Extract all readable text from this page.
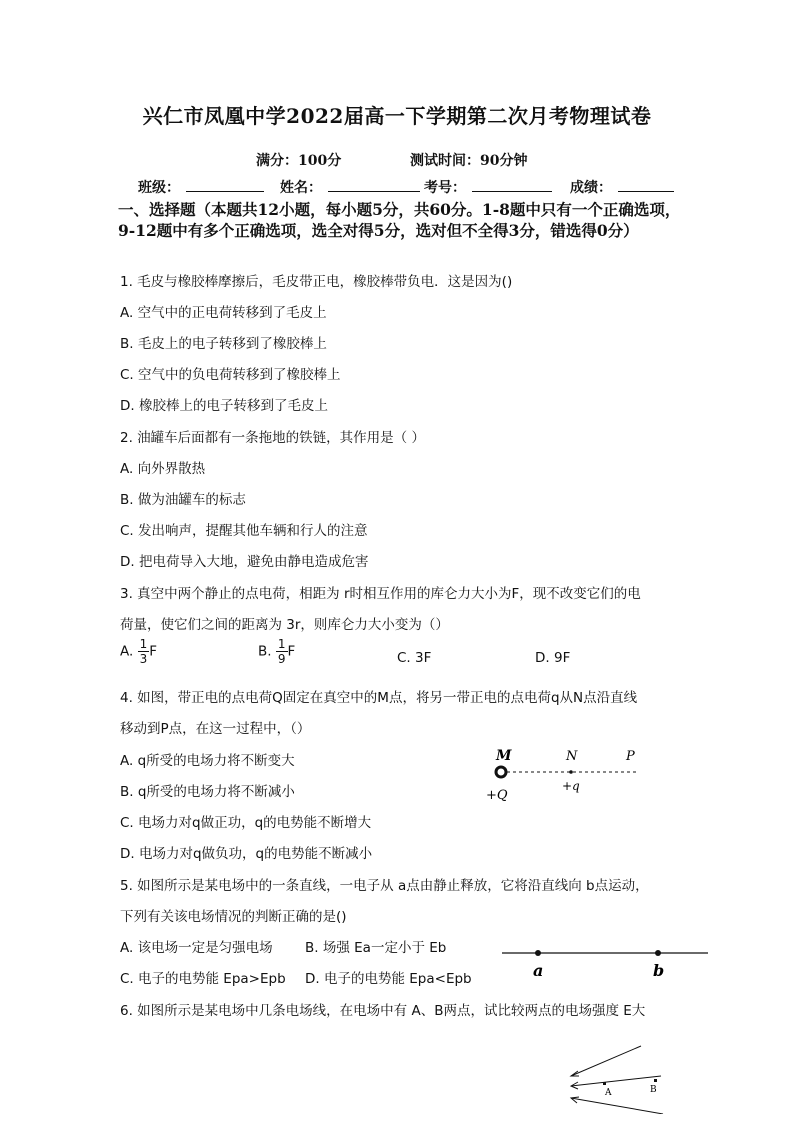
兴仁市凤凰中学2022届高一下学期第二次月考物理试卷
满分：100分	测试时间：90分钟
班级：	姓名：	考号：	成绩：
一、选择题（本题共12小题，每小题5分，共60分。1-8题中只有一个正确选项，9-12题中有多个正确选项，选全对得5分，选对但不全得3分，错选得0分）
1. 毛皮与橡胶棒摩擦后，毛皮带正电，橡胶棒带负电．这是因为()
A. 空气中的正电荷转移到了毛皮上
B. 毛皮上的电子转移到了橡胶棒上
C. 空气中的负电荷转移到了橡胶棒上
D. 橡胶棒上的电子转移到了毛皮上
2. 油罐车后面都有一条拖地的铁链，其作用是（ ）
A. 向外界散热
B. 做为油罐车的标志
C. 发出响声，提醒其他车辆和行人的注意
D. 把电荷导入大地，避免由静电造成危害
3. 真空中两个静止的点电荷，相距为 r时相互作用的库仑力大小为F，现不改变它们的电
荷量，使它们之间的距离为 3r，则库仑力大小变为（）
A. $\frac{1}{3}$ F	B. $\frac{1}{9}$ F	C. 3F	D. 9F
4. 如图，带正电的点电荷Q固定在真空中的M点，将另一带正电的点电荷q从N点沿直线
移动到P点，在这一过程中，（）
A. q所受的电场力将不断变大
B. q所受的电场力将不断减小
C. 电场力对q做正功，q的电势能不断增大
D. 电场力对q做负功，q的电势能不断减小
M	N	P
+Q
+q
5. 如图所示是某电场中的一条直线，一电子从 a点由静止释放，它将沿直线向 b点运动，
下列有关该电场情况的判断正确的是()
A. 该电场一定是匀强电场 B. 场强 Ea一定小于 Eb
C. 电子的电势能 Epa>Epb D. 电子的电势能 Epa<Epb	a	b
6. 如图所示是某电场中几条电场线，在电场中有 A、B两点，试比较两点的电场强度 E大
A	B
